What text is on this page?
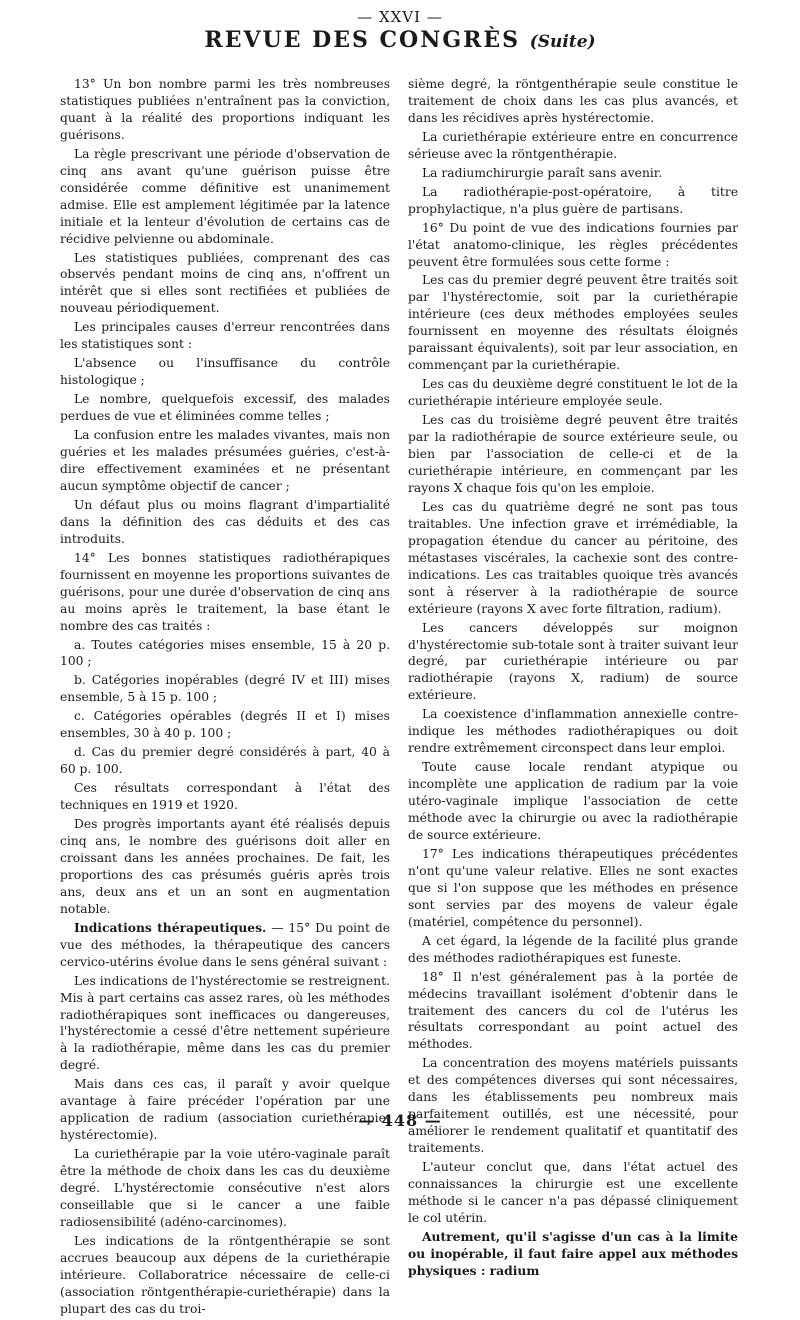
— XXVI —
REVUE DES CONGRÈS (Suite)

13° Un bon nombre parmi les très nombreuses statistiques publiées n'entraînent pas la conviction, quant à la réalité des proportions indiquant les guérisons.

La règle prescrivant une période d'observation de cinq ans avant qu'une guérison puisse être considérée comme définitive est unanimement admise. Elle est amplement légitimée par la latence initiale et la lenteur d'évolution de certains cas de récidive pelvienne ou abdominale.

Les statistiques publiées, comprenant des cas observés pendant moins de cinq ans, n'offrent un intérêt que si elles sont rectifiées et publiées de nouveau périodiquement.

Les principales causes d'erreur rencontrées dans les statistiques sont :

L'absence ou l'insuffisance du contrôle histologique ;

Le nombre, quelquefois excessif, des malades perdues de vue et éliminées comme telles ;

La confusion entre les malades vivantes, mais non guéries et les malades présumées guéries, c'est-à-dire effectivement examinées et ne présentant aucun symptôme objectif de cancer ;

Un défaut plus ou moins flagrant d'impartialité dans la définition des cas déduits et des cas introduits.

14° Les bonnes statistiques radiothérapiques fournissent en moyenne les proportions suivantes de guérisons, pour une durée d'observation de cinq ans au moins après le traitement, la base étant le nombre des cas traités :

a. Toutes catégories mises ensemble, 15 à 20 p. 100 ;

b. Catégories inopérables (degré IV et III) mises ensemble, 5 à 15 p. 100 ;

c. Catégories opérables (degrés II et I) mises ensembles, 30 à 40 p. 100 ;

d. Cas du premier degré considérés à part, 40 à 60 p. 100.

Ces résultats correspondant à l'état des techniques en 1919 et 1920.

Des progrès importants ayant été réalisés depuis cinq ans, le nombre des guérisons doit aller en croissant dans les années prochaines. De fait, les proportions des cas présumés guéris après trois ans, deux ans et un an sont en augmentation notable.

Indications thérapeutiques. — 15° Du point de vue des méthodes, la thérapeutique des cancers cervico-utérins évolue dans le sens général suivant :

Les indications de l'hystérectomie se restreignent. Mis à part certains cas assez rares, où les méthodes radiothérapiques sont inefficaces ou dangereuses, l'hystérectomie a cessé d'être nettement supérieure à la radiothérapie, même dans les cas du premier degré.

Mais dans ces cas, il paraît y avoir quelque avantage à faire précéder l'opération par une application de radium (association curiethérapie-hystérectomie).

La curiethérapie par la voie utéro-vaginale paraît être la méthode de choix dans les cas du deuxième degré. L'hystérectomie consécutive n'est alors conseillable que si le cancer a une faible radiosensibilité (adéno-carcinomes).

Les indications de la röntgenthérapie se sont accrues beaucoup aux dépens de la curiethérapie intérieure. Collaboratrice nécessaire de celle-ci (association röntgenthérapie-curiethérapie) dans la plupart des cas du troi-

sième degré, la röntgenthérapie seule constitue le traitement de choix dans les cas plus avancés, et dans les récidives après hystérectomie.

La curiethérapie extérieure entre en concurrence sérieuse avec la röntgenthérapie.

La radiumchirurgie paraît sans avenir.

La radiothérapie-post-opératoire, à titre prophylactique, n'a plus guère de partisans.

16° Du point de vue des indications fournies par l'état anatomo-clinique, les règles précédentes peuvent être formulées sous cette forme :

Les cas du premier degré peuvent être traités soit par l'hystérectomie, soit par la curiethérapie intérieure (ces deux méthodes employées seules fournissent en moyenne des résultats éloignés paraissant équivalents), soit par leur association, en commençant par la curiethérapie.

Les cas du deuxième degré constituent le lot de la curiethérapie intérieure employée seule.

Les cas du troisième degré peuvent être traités par la radiothérapie de source extérieure seule, ou bien par l'association de celle-ci et de la curiethérapie intérieure, en commençant par les rayons X chaque fois qu'on les emploie.

Les cas du quatrième degré ne sont pas tous traitables. Une infection grave et irrémédiable, la propagation étendue du cancer au péritoine, des métastases viscérales, la cachexie sont des contre-indications. Les cas traitables quoique très avancés sont à réserver à la radiothérapie de source extérieure (rayons X avec forte filtration, radium).

Les cancers développés sur moignon d'hystérectomie sub-totale sont à traiter suivant leur degré, par curiethérapie intérieure ou par radiothérapie (rayons X, radium) de source extérieure.

La coexistence d'inflammation annexielle contre-indique les méthodes radiothérapiques ou doit rendre extrêmement circonspect dans leur emploi.

Toute cause locale rendant atypique ou incomplète une application de radium par la voie utéro-vaginale implique l'association de cette méthode avec la chirurgie ou avec la radiothérapie de source extérieure.

17° Les indications thérapeutiques précédentes n'ont qu'une valeur relative. Elles ne sont exactes que si l'on suppose que les méthodes en présence sont servies par des moyens de valeur égale (matériel, compétence du personnel).

A cet égard, la légende de la facilité plus grande des méthodes radiothérapiques est funeste.

18° Il n'est généralement pas à la portée de médecins travaillant isolément d'obtenir dans le traitement des cancers du col de l'utérus les résultats correspondant au point actuel des méthodes.

La concentration des moyens matériels puissants et des compétences diverses qui sont nécessaires, dans les établissements peu nombreux mais parfaitement outillés, est une nécessité, pour améliorer le rendement qualitatif et quantitatif des traitements.

L'auteur conclut que, dans l'état actuel des connaissances la chirurgie est une excellente méthode si le cancer n'a pas dépassé cliniquement le col utérin.

Autrement, qu'il s'agisse d'un cas à la limite ou inopérable, il faut faire appel aux méthodes physiques : radium

— 448 —
